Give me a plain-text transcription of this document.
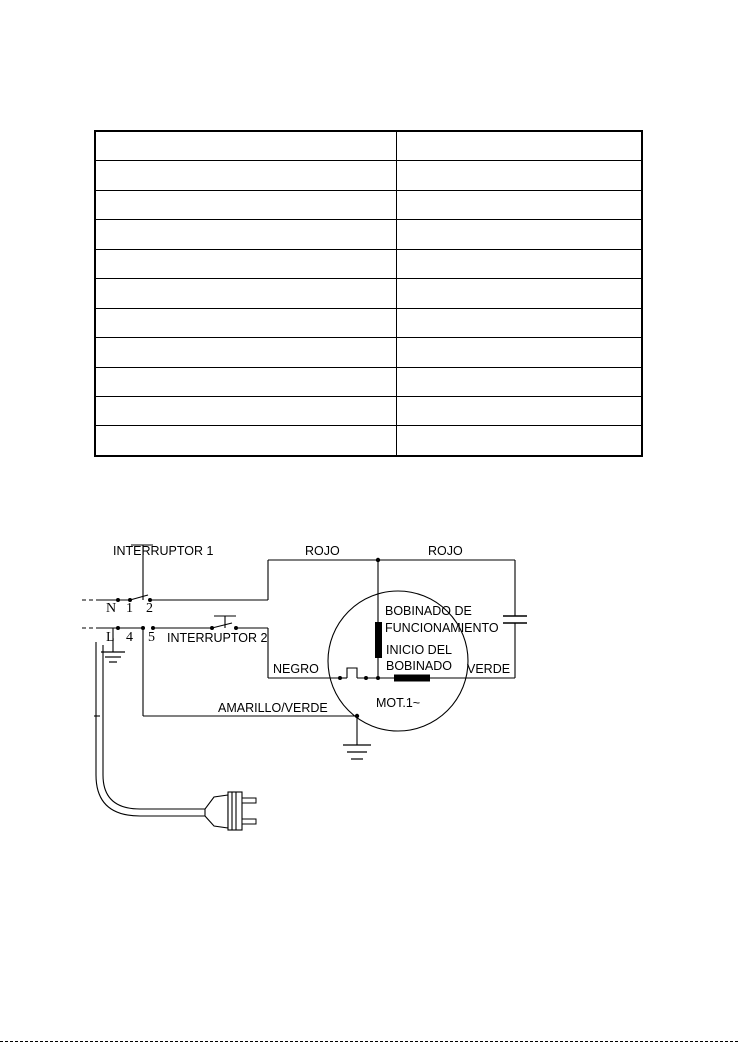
INTERRUPTOR 1
INTERRUPTOR 2
N 1 2
L 4 5
ROJO	ROJO
NEGRO	VERDE
AMARILLO/VERDE
BOBINADO DE
FUNCIONAMIENTO
INICIO DEL
BOBINADO
MOT.1~
